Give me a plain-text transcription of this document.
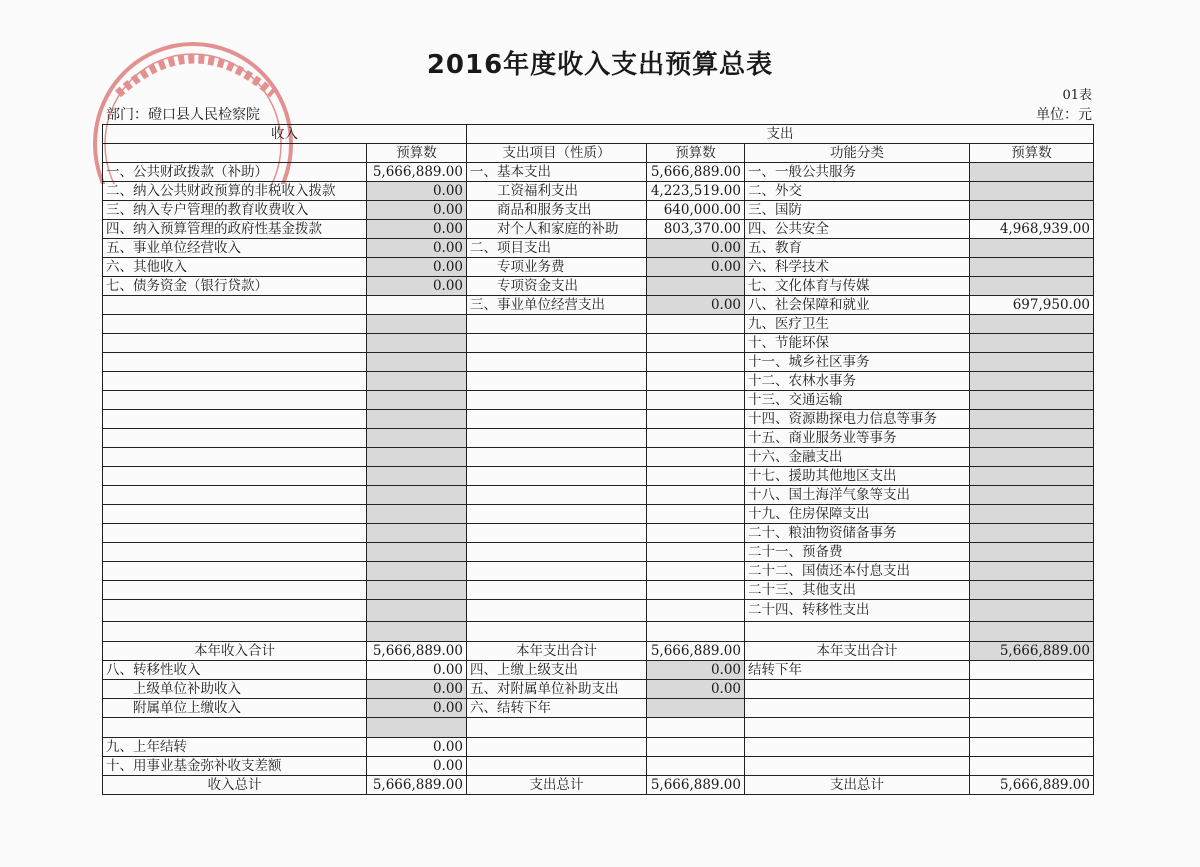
2016年度收入支出预算总表
01表
部门：磴口县人民检察院	单位：元
收入		支出			
	预算数	支出项目（性质）	预算数	功能分类	预算数
一、公共财政拨款（补助）	5,666,889.00	一、基本支出	5,666,889.00	一、一般公共服务	
二、纳入公共财政预算的非税收入拨款	0.00	工资福利支出	4,223,519.00	二、外交	
三、纳入专户管理的教育收费收入	0.00	商品和服务支出	640,000.00	三、国防	
四、纳入预算管理的政府性基金拨款	0.00	对个人和家庭的补助	803,370.00	四、公共安全	4,968,939.00
五、事业单位经营收入	0.00	二、项目支出	0.00	五、教育	
六、其他收入	0.00	专项业务费	0.00	六、科学技术	
七、债务资金（银行贷款）	0.00	专项资金支出		七、文化体育与传媒	
		三、事业单位经营支出	0.00	八、社会保障和就业	697,950.00
				九、医疗卫生	
				十、节能环保	
				十一、城乡社区事务	
				十二、农林水事务	
				十三、交通运输	
				十四、资源勘探电力信息等事务	
				十五、商业服务业等事务	
				十六、金融支出	
				十七、援助其他地区支出	
				十八、国土海洋气象等支出	
				十九、住房保障支出	
				二十、粮油物资储备事务	
				二十一、预备费	
				二十二、国债还本付息支出	
				二十三、其他支出	
				二十四、转移性支出	

本年收入合计	5,666,889.00	本年支出合计	5,666,889.00	本年支出合计	5,666,889.00
八、转移性收入	0.00	四、上缴上级支出	0.00	结转下年	
上级单位补助收入	0.00	五、对附属单位补助支出	0.00		
附属单位上缴收入	0.00	六、结转下年			

九、上年结转	0.00				
十、用事业基金弥补收支差额	0.00				
收入总计	5,666,889.00	支出总计	5,666,889.00	支出总计	5,666,889.00
